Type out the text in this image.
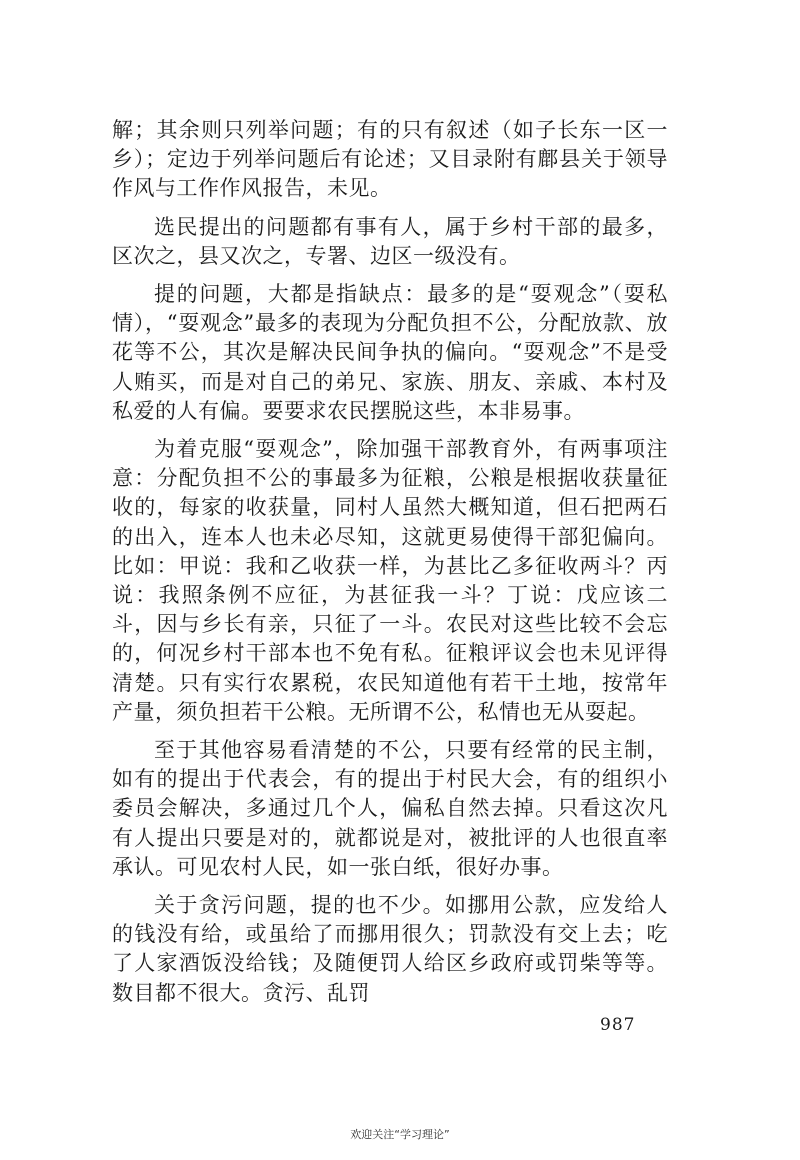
解；其余则只列举问题；有的只有叙述（如子长东一区一乡）；定边于列举问题后有论述；又目录附有鄜县关于领导作风与工作作风报告，未见。

选民提出的问题都有事有人，属于乡村干部的最多，区次之，县又次之，专署、边区一级没有。

提的问题，大都是指缺点：最多的是“耍观念”（耍私情），“耍观念”最多的表现为分配负担不公，分配放款、放花等不公，其次是解决民间争执的偏向。“耍观念”不是受人贿买，而是对自己的弟兄、家族、朋友、亲戚、本村及私爱的人有偏。要要求农民摆脱这些，本非易事。

为着克服“耍观念”，除加强干部教育外，有两事项注意：分配负担不公的事最多为征粮，公粮是根据收获量征收的，每家的收获量，同村人虽然大概知道，但石把两石的出入，连本人也未必尽知，这就更易使得干部犯偏向。比如：甲说：我和乙收获一样，为甚比乙多征收两斗？丙说：我照条例不应征，为甚征我一斗？丁说：戊应该二斗，因与乡长有亲，只征了一斗。农民对这些比较不会忘的，何况乡村干部本也不免有私。征粮评议会也未见评得清楚。只有实行农累税，农民知道他有若干土地，按常年产量，须负担若干公粮。无所谓不公，私情也无从耍起。

至于其他容易看清楚的不公，只要有经常的民主制，如有的提出于代表会，有的提出于村民大会，有的组织小委员会解决，多通过几个人，偏私自然去掉。只看这次凡有人提出只要是对的，就都说是对，被批评的人也很直率承认。可见农村人民，如一张白纸，很好办事。

关于贪污问题，提的也不少。如挪用公款，应发给人的钱没有给，或虽给了而挪用很久；罚款没有交上去；吃了人家酒饭没给钱；及随便罚人给区乡政府或罚柴等等。数目都不很大。贪污、乱罚

987
欢迎关注“学习理论”
